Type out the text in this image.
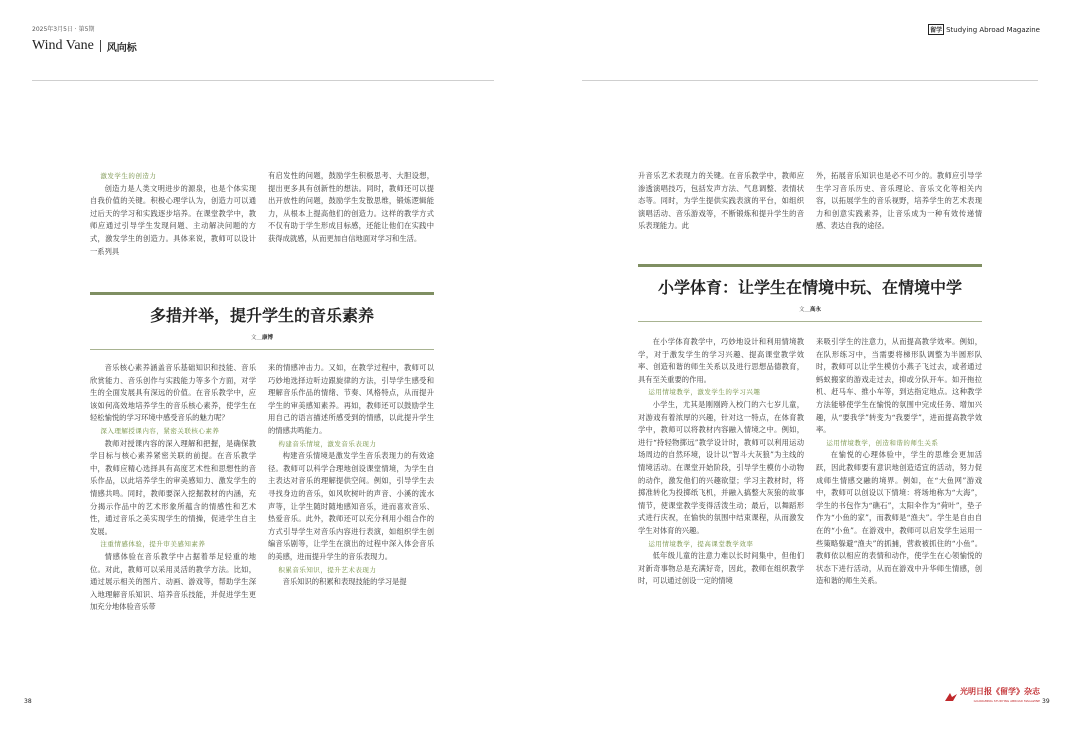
2025年3月5日 · 第5期
Wind Vane 风向标
留学 Studying Abroad Magazine
激发学生的创造力

创造力是人类文明进步的源泉，也是个体实现自我价值的关键。积极心理学认为，创造力可以通过后天的学习和实践逐步培养。在课堂教学中，教师应通过引导学生发现问题、主动解决问题的方式，激发学生的创造力。具体来说，教师可以设计一系列具

有启发性的问题，鼓励学生积极思考、大胆设想，提出更多具有创新性的想法。同时，教师还可以提出开放性的问题，鼓励学生发散思维，锻炼逻辑能力，从根本上提高他们的创造力。这样的教学方式不仅有助于学生形成目标感，还能让他们在实践中获得成就感，从而更加自信地面对学习和生活。
多措并举，提升学生的音乐素养
文＿康博

音乐核心素养涵盖音乐基础知识和技能、音乐欣赏能力、音乐创作与实践能力等多个方面，对学生的全面发展具有深远的价值。在音乐教学中，应该如何高效地培养学生的音乐核心素养，使学生在轻松愉悦的学习环境中感受音乐的魅力呢？

深入理解授课内容，紧密关联核心素养

教师对授课内容的深入理解和把握，是确保教学目标与核心素养紧密关联的前提。在音乐教学中，教师应精心选择具有高度艺术性和思想性的音乐作品，以此培养学生的审美感知力、激发学生的情感共鸣。同时，教师要深入挖掘教材的内涵，充分揭示作品中的艺术形象所蕴含的情感性和艺术性，通过音乐之美实现学生的情操，促进学生自主发展。

注重情感体验，提升审美感知素养

情感体验在音乐教学中占据着举足轻重的地位。对此，教师可以采用灵活的教学方法。比如，通过展示相关的图片、动画、游戏等，帮助学生深入地理解音乐知识、培养音乐技能，并促进学生更加充分地体验音乐带

来的情感冲击力。又如，在教学过程中，教师可以巧妙地选择边听边跟旋律的方法，引导学生感受和理解音乐作品的情绪、节奏、风格特点，从而提升学生的审美感知素养。再如，教师还可以鼓励学生用自己的语言描述所感受到的情感，以此提升学生的情感共鸣能力。
构建音乐情境，激发音乐表现力

构建音乐情境是激发学生音乐表现力的有效途径。教师可以科学合理地创设课堂情境，为学生自主表达对音乐的理解提供空间。例如，引导学生去寻找身边的音乐，如风吹树叶的声音、小溪的流水声等，让学生随时随地感知音乐，进而喜欢音乐、热爱音乐。此外，教师还可以充分利用小组合作的方式引导学生对音乐内容进行表演，如组织学生创编音乐剧等，让学生在演出的过程中深入体会音乐的美感，进而提升学生的音乐表现力。

积累音乐知识，提升艺术表现力

音乐知识的积累和表现技能的学习是提

38
升音乐艺术表现力的关键。在音乐教学中，教师应渗透演唱技巧，包括发声方法、气息调整、表情状态等。同时，为学生提供实践表演的平台，如组织演唱活动、音乐游戏等，不断锻炼和提升学生的音乐表现能力。此
外，拓展音乐知识也是必不可少的。教师应引导学生学习音乐历史、音乐理论、音乐文化等相关内容，以拓展学生的音乐视野，培养学生的艺术表现力和创意实践素养，让音乐成为一种有效传递情感、表达自我的途径。
小学体育：让学生在情境中玩、在情境中学
文＿高永

在小学体育教学中，巧妙地设计和利用情境教学，对于激发学生的学习兴趣、提高课堂教学效率、创造和谐的师生关系以及进行思想品德教育，具有至关重要的作用。

运用情境教学，激发学生的学习兴趣

小学生，尤其是刚刚跨入校门的六七岁儿童，对游戏有着浓厚的兴趣，针对这一特点，在体育教学中，教师可以将教材内容融入情境之中。例如，进行“持轻物掷远”教学设计时，教师可以利用运动场周边的自然环境，设计以“智斗大灰狼”为主线的情境活动。在课堂开始阶段，引导学生模仿小动物的动作，激发他们的兴趣欲望；学习主教材时，将掷准转化为投掷纸飞机，并融入搞整大灰狼的故事情节，使课堂教学变得活泼生动；最后，以舞蹈形式进行庆祝，在愉快的氛围中结束课程，从而激发学生对体育的兴趣。

运用情境教学，提高课堂教学效率

低年级儿童的注意力难以长时间集中，但他们对新奇事物总是充满好奇，因此，教师在组织教学时，可以通过创设一定的情境

来吸引学生的注意力，从而提高教学效率。例如，在队形练习中，当需要将梯形队调整为半圆形队时，教师可以让学生模仿小燕子飞过去，或者通过蚂蚁搬家的游戏走过去，抑或分队开车。如开拖拉机、赶马车、推小车等，到达指定地点。这种教学方法能够使学生在愉悦的氛围中完成任务、增加兴趣，从“要我学”转变为“我要学”，进而提高教学效率。
运用情境教学，创造和谐的师生关系

在愉悦的心理体验中，学生的思维会更加活跃，因此教师要有意识地创造适宜的活动，努力促成师生情感交融的境界。例如，在“大鱼网”游戏中，教师可以创设以下情境：将场地称为“大海”，学生的书包作为“礁石”，太阳伞作为“荷叶”，垫子作为“小鱼的家”，而教师是“渔夫”。学生是自由自在的“小鱼”。在游戏中，教师可以启发学生运用一些策略躲避“渔夫”的抓捕，营救被抓住的“小鱼”。教师依以相应的表情和动作，使学生在心领愉悦的状态下进行活动，从而在游戏中升华师生情感，创造和谐的师生关系。

光明日报《留学》杂志
GUANGMING STUDYING ABROAD MAGAZINE 39
